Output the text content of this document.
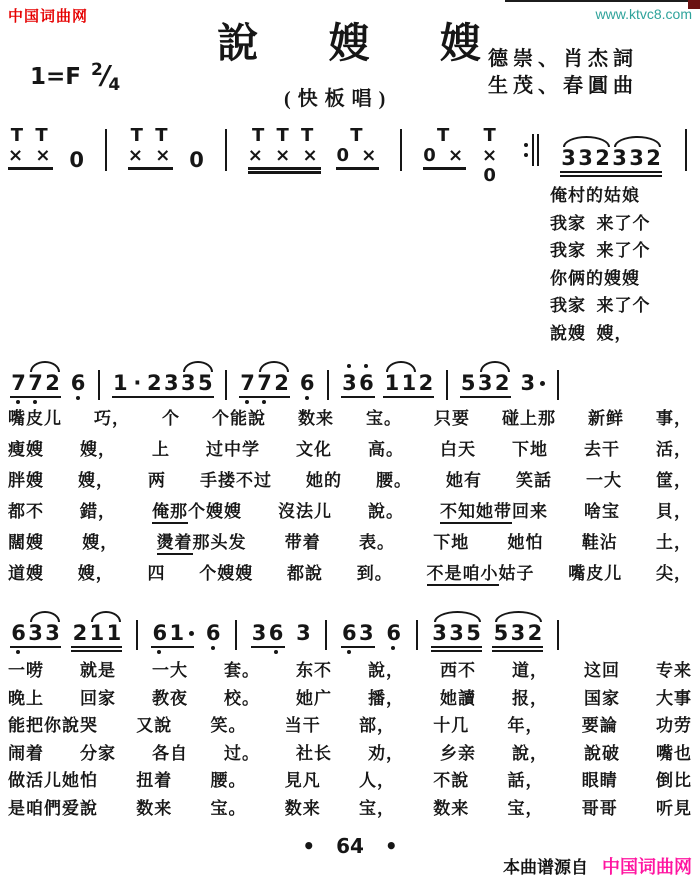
中国词曲网	www.ktvc8.com
說 嫂 嫂
1=F $^2/_4$
(快板唱)
德崇、肖杰詞
生茂、春圓曲
T T
× × 0
T T
× × 0
T T T
× × ×
T
0 ×
T
0 ×
T
×
0
3 3 2 3 3 2
俺村的姑娘
我家  来了个
我家  来了个
你俩的嫂嫂
我家  来了个
說嫂  嫂，
7 7 2 6 1 · 2 3 3 5 7 7 2 6 3 6 1 1 2 5 3 2 3
嘴皮儿 巧， 个 个能說 数来 宝。 只要 碰上那 新鲜 事，
瘦嫂 嫂， 上 过中学 文化 高。 白天 下地 去干 活，
胖嫂 嫂， 两 手搂不过 她的 腰。 她有 笑話 一大 筐，
都不 錯， 俺那个嫂嫂 沒法儿 說。 不知她带回来 啥宝 貝，
闊嫂 嫂， 燙着那头发 带着 表。 下地 她怕 鞋沾 土，
道嫂 嫂， 四 个嫂嫂 都說 到。 不是咱小姑子 嘴皮儿 尖，
6 3 3 2 1 1 6 1 6 3 6 3 6 3 6 3 3 5 5 3 2
一唠 就是 一大 套。 东不 說， 西不 道， 这回 专来
晚上 回家 教夜 校。 她广 播， 她讀 报， 国家 大事
能把你說哭 又說 笑。 当干 部， 十几 年， 要論 功劳
闹着 分家 各自 过。 社长 劝， 乡亲 說， 說破 嘴也
做活儿她怕 扭着 腰。 見凡 人， 不說 話， 眼睛 倒比
是咱們爱說 数来 宝。 数来 宝， 数来 宝， 哥哥 听見
• 64 •
本曲谱源自 中国词曲网
